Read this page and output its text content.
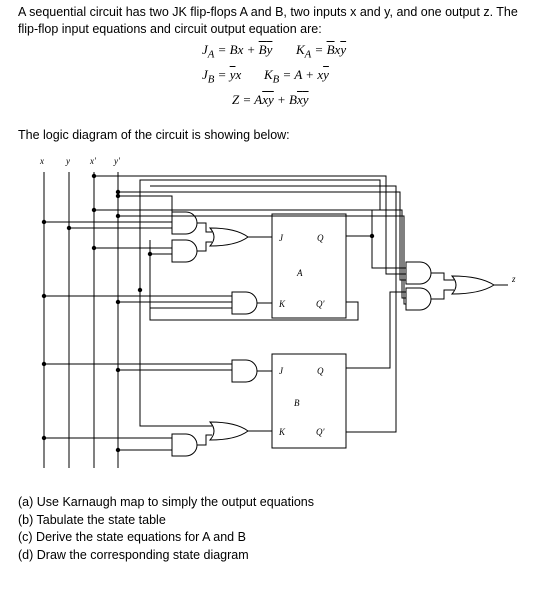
A sequential circuit has two JK flip-flops A and B, two inputs x and y, and one output z. The flip-flop input equations and circuit output equation are:

$J_A = Bx + \overline{B}\overline{y}$ $K_A = \overline{B}x\overline{y}$

$J_B = \overline{y}x$ $K_B = A + x\overline{y}$

$Z = A\overline{x}\overline{y} + B\overline{x}\overline{y}$

The logic diagram of the circuit is showing below:

x y x' y'
J
K
Q
Q'
A
J
K
Q
Q'
B
z
(a) Use Karnaugh map to simply the output equations
(b) Tabulate the state table
(c) Derive the state equations for A and B
(d) Draw the corresponding state diagram
